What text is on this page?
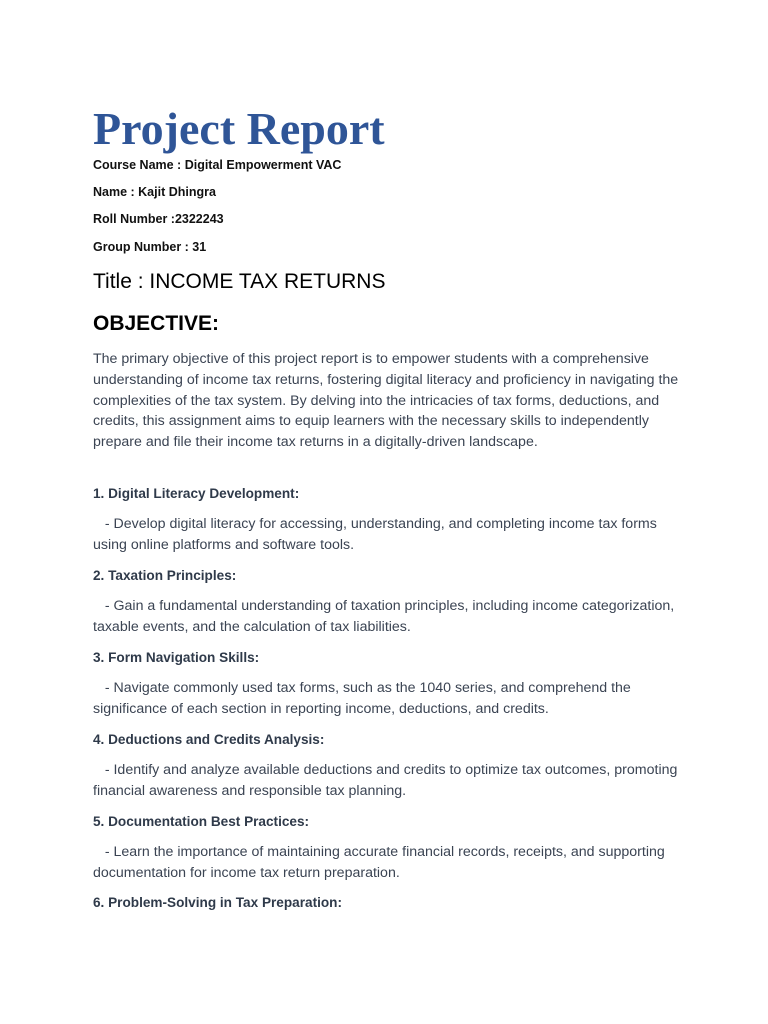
Project Report
Course Name : Digital Empowerment VAC
Name : Kajit Dhingra
Roll Number :2322243
Group Number : 31
Title : INCOME TAX RETURNS
OBJECTIVE:

The primary objective of this project report is to empower students with a comprehensive understanding of income tax returns, fostering digital literacy and proficiency in navigating the complexities of the tax system. By delving into the intricacies of tax forms, deductions, and credits, this assignment aims to equip learners with the necessary skills to independently prepare and file their income tax returns in a digitally-driven landscape.

1. Digital Literacy Development:

- Develop digital literacy for accessing, understanding, and completing income tax forms using online platforms and software tools.

2. Taxation Principles:

- Gain a fundamental understanding of taxation principles, including income categorization, taxable events, and the calculation of tax liabilities.

3. Form Navigation Skills:

- Navigate commonly used tax forms, such as the 1040 series, and comprehend the significance of each section in reporting income, deductions, and credits.

4. Deductions and Credits Analysis:

- Identify and analyze available deductions and credits to optimize tax outcomes, promoting financial awareness and responsible tax planning.

5. Documentation Best Practices:

- Learn the importance of maintaining accurate financial records, receipts, and supporting documentation for income tax return preparation.

6. Problem-Solving in Tax Preparation:
